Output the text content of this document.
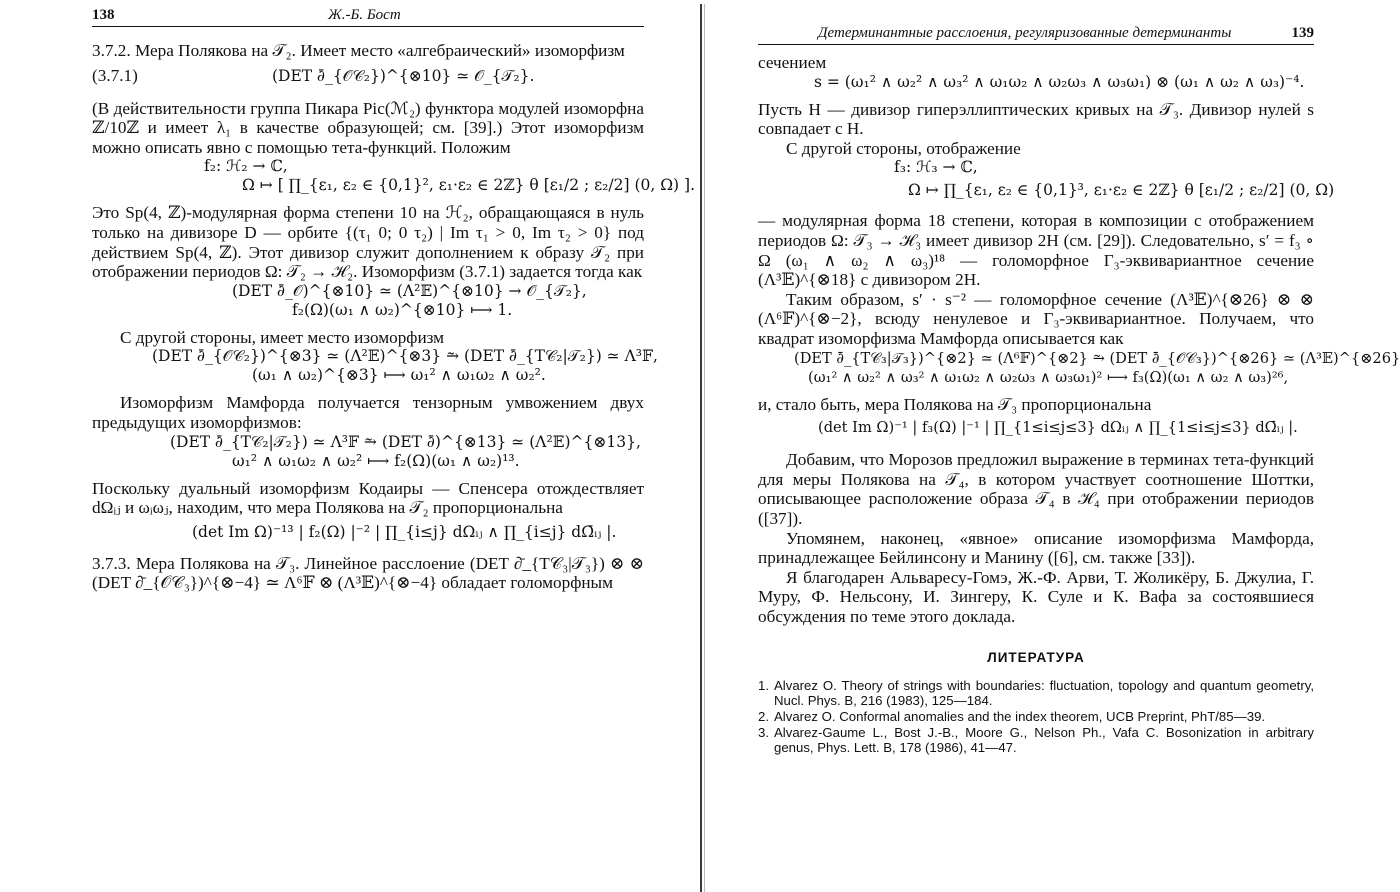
138	Ж.-Б. Бост

3.7.2. Мера Полякова на 𝒯₂. Имеет место «алгебраический» изоморфизм

(3.7.1)	(DET ∂̄_{𝒪𝒞₂})^{⊗10} ≃ 𝒪_{𝒯₂}.

(В действительности группа Пикара Pic(ℳ₂) функтора модулей изоморфна ℤ/10ℤ и имеет λ₁ в качестве образующей; см. [39].) Этот изоморфизм можно описать явно с помощью тета-функций. Положим

f₂: ℋ₂ → ℂ,
Ω ↦ [ ∏_{ε₁, ε₂ ∈ {0,1}², ε₁·ε₂ ∈ 2ℤ} θ [ε₁/2 ; ε₂/2] (0, Ω) ].

Это Sp(4, ℤ)-модулярная форма степени 10 на ℋ₂, обращающаяся в нуль только на дивизоре D — орбите {(τ₁ 0; 0 τ₂) | Im τ₁ > 0, Im τ₂ > 0} под действием Sp(4, ℤ). Этот дивизор служит дополнением к образу 𝒯₂ при отображении периодов Ω: 𝒯₂ → ℋ₂. Изоморфизм (3.7.1) задается тогда как

(DET ∂̄_𝒪)^{⊗10} ≃ (Λ²𝔼)^{⊗10} → 𝒪_{𝒯₂},
f₂(Ω)(ω₁ ∧ ω₂)^{⊗10} ⟼ 1.

С другой стороны, имеет место изоморфизм

(DET ∂̄_{𝒪𝒞₂})^{⊗3} ≃ (Λ²𝔼)^{⊗3} ⥲ (DET ∂̄_{T𝒞₂|𝒯₂}) ≃ Λ³𝔽,
(ω₁ ∧ ω₂)^{⊗3} ⟼ ω₁² ∧ ω₁ω₂ ∧ ω₂².

Изоморфизм Мамфорда получается тензорным умвожением двух предыдущих изоморфизмов:

(DET ∂̄_{T𝒞₂|𝒯₂}) ≃ Λ³𝔽 ⥲ (DET ∂̄)^{⊗13} ≃ (Λ²𝔼)^{⊗13},
ω₁² ∧ ω₁ω₂ ∧ ω₂² ⟼ f₂(Ω)(ω₁ ∧ ω₂)¹³.

Поскольку дуальный изоморфизм Кодаиры — Спенсера отождествляет dΩᵢⱼ и ωᵢωⱼ, находим, что мера Полякова на 𝒯₂ пропорциональна

(det Im Ω)⁻¹³ | f₂(Ω) |⁻² | ∏_{i≤j} dΩᵢⱼ ∧ ∏_{i≤j} dΩ̄ᵢⱼ |.

3.7.3. Мера Полякова на 𝒯₃. Линейное расслоение (DET ∂̄_{T𝒞₃|𝒯₃}) ⊗ ⊗ (DET ∂̄_{𝒪𝒞₃})^{⊗−4} ≃ Λ⁶𝔽 ⊗ (Λ³𝔼)^{⊗−4} обладает голоморфным

Детерминантные расслоения, регуляризованные детерминанты	139

сечением

s = (ω₁² ∧ ω₂² ∧ ω₃² ∧ ω₁ω₂ ∧ ω₂ω₃ ∧ ω₃ω₁) ⊗ (ω₁ ∧ ω₂ ∧ ω₃)⁻⁴.

Пусть H — дивизор гиперэллиптических кривых на 𝒯₃. Дивизор нулей s совпадает с H.

С другой стороны, отображение

f₃: ℋ₃ → ℂ,
Ω ↦ ∏_{ε₁, ε₂ ∈ {0,1}³, ε₁·ε₂ ∈ 2ℤ} θ [ε₁/2 ; ε₂/2] (0, Ω)

— модулярная форма 18 степени, которая в композиции с отображением периодов Ω: 𝒯₃ → ℋ₃ имеет дивизор 2H (см. [29]). Следовательно, s′ = f₃ ∘ Ω (ω₁ ∧ ω₂ ∧ ω₃)¹⁸ — голоморфное Γ₃-эквивариантное сечение (Λ³𝔼)^{⊗18} с дивизором 2H.

Таким образом, s′ · s⁻² — голоморфное сечение (Λ³𝔼)^{⊗26} ⊗ ⊗ (Λ⁶𝔽)^{⊗−2}, всюду ненулевое и Γ₃-эквивариантное. Получаем, что квадрат изоморфизма Мамфорда описывается как

(DET ∂̄_{T𝒞₃|𝒯₃})^{⊗2} ≃ (Λ⁶𝔽)^{⊗2} ⥲ (DET ∂̄_{𝒪𝒞₃})^{⊗26} ≃ (Λ³𝔼)^{⊗26}
(ω₁² ∧ ω₂² ∧ ω₃² ∧ ω₁ω₂ ∧ ω₂ω₃ ∧ ω₃ω₁)² ⟼ f₃(Ω)(ω₁ ∧ ω₂ ∧ ω₃)²⁶,

и, стало быть, мера Полякова на 𝒯₃ пропорциональна

(det Im Ω)⁻¹ | f₃(Ω) |⁻¹ | ∏_{1≤i≤j≤3} dΩᵢⱼ ∧ ∏_{1≤i≤j≤3} dΩ̄ᵢⱼ |.

Добавим, что Морозов предложил выражение в терминах тета-функций для меры Полякова на 𝒯₄, в котором участвует соотношение Шоттки, описывающее расположение образа 𝒯₄ в ℋ₄ при отображении периодов ([37]).

Упомянем, наконец, «явное» описание изоморфизма Мамфорда, принадлежащее Бейлинсону и Манину ([6], см. также [33]).

Я благодарен Альваресу-Гомэ, Ж.-Ф. Арви, Т. Жоликёру, Б. Джулиа, Г. Муру, Ф. Нельсону, И. Зингеру, К. Суле и К. Вафа за состоявшиеся обсуждения по теме этого доклада.

ЛИТЕРАТУРА
1. Alvarez O. Theory of strings with boundaries: fluctuation, topology and quantum geometry, Nucl. Phys. B, 216 (1983), 125—184.
2. Alvarez O. Conformal anomalies and the index theorem, UCB Preprint, PhT/85—39.
3. Alvarez-Gaume L., Bost J.-B., Moore G., Nelson Ph., Vafa C. Bosonization in arbitrary genus, Phys. Lett. B, 178 (1986), 41—47.
